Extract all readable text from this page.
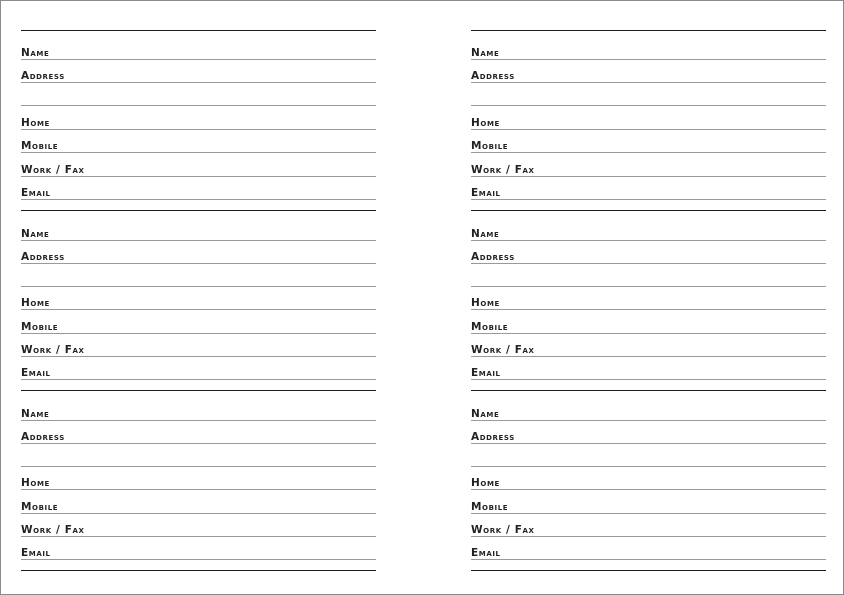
Name
Address
Home
Mobile
Work / Fax
Email
Name
Address
Home
Mobile
Work / Fax
Email
Name
Address
Home
Mobile
Work / Fax
Email
Name
Address
Home
Mobile
Work / Fax
Email
Name
Address
Home
Mobile
Work / Fax
Email
Name
Address
Home
Mobile
Work / Fax
Email
